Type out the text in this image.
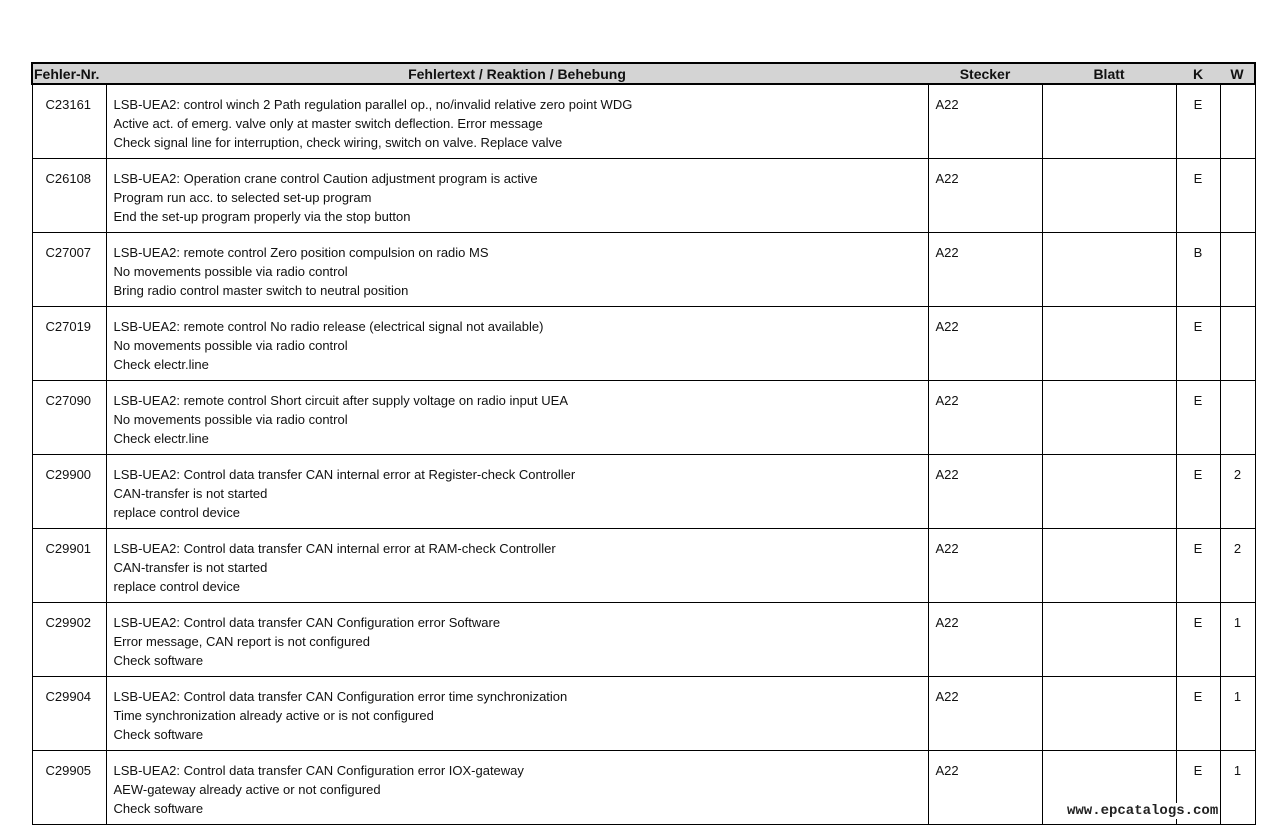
Fehler-Nr.	Fehlertext / Reaktion / Behebung	Stecker	Blatt	K	W
C23161	LSB-UEA2: control winch 2 Path regulation parallel op., no/invalid relative zero point WDG
Active act. of emerg. valve only at master switch deflection. Error message
Check signal line for interruption, check wiring, switch on valve. Replace valve	A22		E	
C26108	LSB-UEA2: Operation crane control Caution adjustment program is active
Program run acc. to selected set-up program
End the set-up program properly via the stop button	A22		E	
C27007	LSB-UEA2: remote control Zero position compulsion on radio MS
No movements possible via radio control
Bring radio control master switch to neutral position	A22		B	
C27019	LSB-UEA2: remote control No radio release (electrical signal not available)
No movements possible via radio control
Check electr.line	A22		E	
C27090	LSB-UEA2: remote control Short circuit after supply voltage on radio input UEA
No movements possible via radio control
Check electr.line	A22		E	
C29900	LSB-UEA2: Control data transfer CAN internal error at Register-check Controller
CAN-transfer is not started
replace control device	A22		E	2
C29901	LSB-UEA2: Control data transfer CAN internal error at RAM-check Controller
CAN-transfer is not started
replace control device	A22		E	2
C29902	LSB-UEA2: Control data transfer CAN Configuration error Software
Error message, CAN report is not configured
Check software	A22		E	1
C29904	LSB-UEA2: Control data transfer CAN Configuration error time synchronization
Time synchronization already active or is not configured
Check software	A22		E	1
C29905	LSB-UEA2: Control data transfer CAN Configuration error IOX-gateway
AEW-gateway already active or not configured
Check software	A22		E	1
www.epcatalogs.com
